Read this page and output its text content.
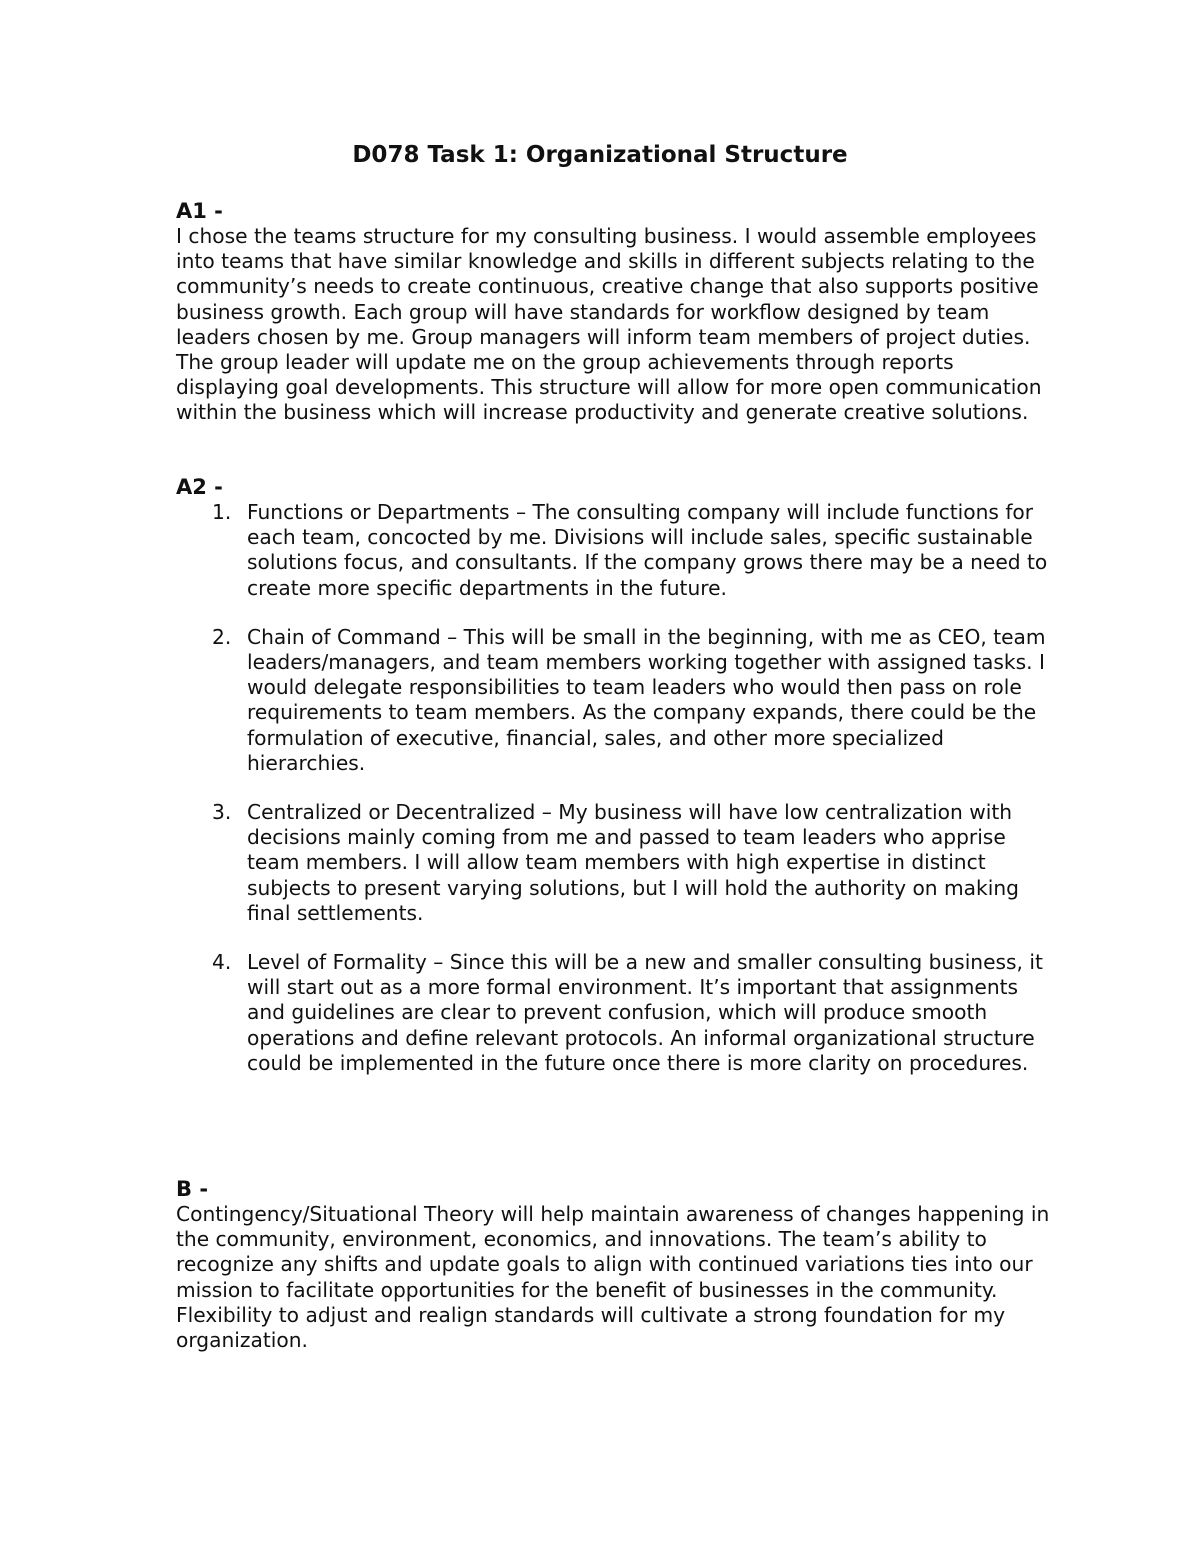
D078 Task 1: Organizational Structure

A1 -

I chose the teams structure for my consulting business. I would assemble employees into teams that have similar knowledge and skills in different subjects relating to the community’s needs to create continuous, creative change that also supports positive business growth. Each group will have standards for workflow designed by team leaders chosen by me. Group managers will inform team members of project duties. The group leader will update me on the group achievements through reports displaying goal developments. This structure will allow for more open communication within the business which will increase productivity and generate creative solutions.

A2 -

1. Functions or Departments – The consulting company will include functions for each team, concocted by me. Divisions will include sales, specific sustainable solutions focus, and consultants. If the company grows there may be a need to create more specific departments in the future.
2. Chain of Command – This will be small in the beginning, with me as CEO, team leaders/managers, and team members working together with assigned tasks. I would delegate responsibilities to team leaders who would then pass on role requirements to team members. As the company expands, there could be the formulation of executive, financial, sales, and other more specialized hierarchies.
3. Centralized or Decentralized – My business will have low centralization with decisions mainly coming from me and passed to team leaders who apprise team members. I will allow team members with high expertise in distinct subjects to present varying solutions, but I will hold the authority on making final settlements.
4. Level of Formality – Since this will be a new and smaller consulting business, it will start out as a more formal environment. It’s important that assignments and guidelines are clear to prevent confusion, which will produce smooth operations and define relevant protocols. An informal organizational structure could be implemented in the future once there is more clarity on procedures.

B -

Contingency/Situational Theory will help maintain awareness of changes happening in the community, environment, economics, and innovations. The team’s ability to recognize any shifts and update goals to align with continued variations ties into our mission to facilitate opportunities for the benefit of businesses in the community. Flexibility to adjust and realign standards will cultivate a strong foundation for my organization.
